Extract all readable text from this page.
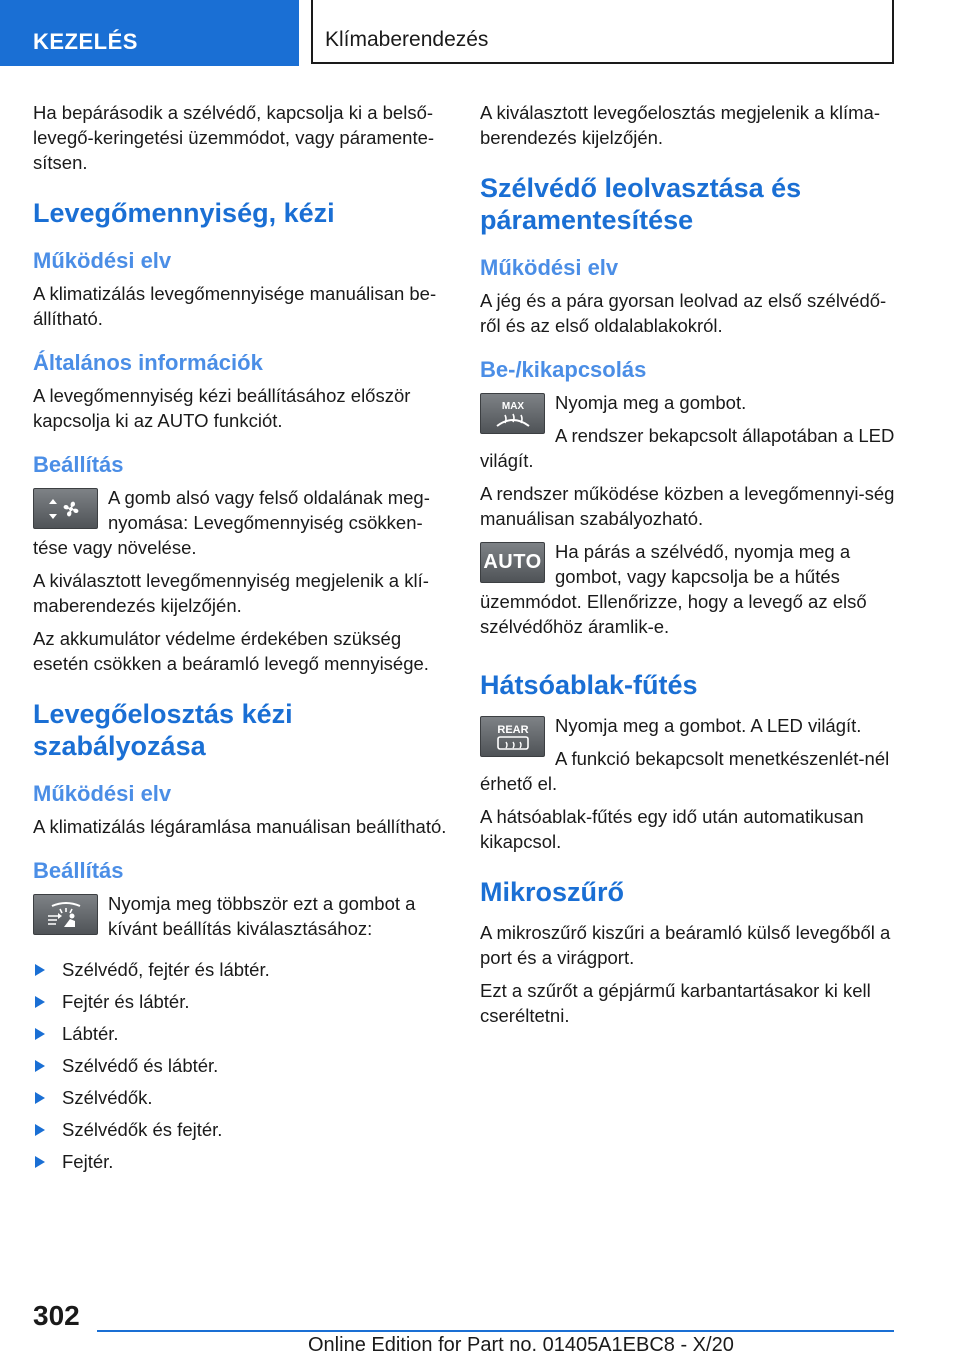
KEZELÉS	Klímaberendezés

Ha bepárásodik a szélvédő, kapcsolja ki a belső-levegő-keringetési üzemmódot, vagy páramente-sítsen.

Levegőmennyiség, kézi
Működési elv

A klimatizálás levegőmennyisége manuálisan be-állítható.

Általános információk

A levegőmennyiség kézi beállításához először kapcsolja ki az AUTO funkciót.

Beállítás

A gomb alsó vagy felső oldalának meg-nyomása: Levegőmennyiség csökken-tése vagy növelése.

A kiválasztott levegőmennyiség megjelenik a klí-maberendezés kijelzőjén.

Az akkumulátor védelme érdekében szükség esetén csökken a beáramló levegő mennyisége.

Levegőelosztás kézi szabályozása
Működési elv

A klimatizálás légáramlása manuálisan beállítható.

Beállítás

Nyomja meg többször ezt a gombot a kívánt beállítás kiválasztásához:

Szélvédő, fejtér és lábtér.
Fejtér és lábtér.
Lábtér.
Szélvédő és lábtér.
Szélvédők.
Szélvédők és fejtér.
Fejtér.

A kiválasztott levegőelosztás megjelenik a klíma-berendezés kijelzőjén.

Szélvédő leolvasztása és páramentesítése
Működési elv

A jég és a pára gyorsan leolvad az első szélvédő-ről és az első oldalablakokról.

Be-/kikapcsolás
MAX	Nyomja meg a gombot.

A rendszer bekapcsolt állapotában a LED világít.

A rendszer működése közben a levegőmennyi-ség manuálisan szabályozható.

AUTO Ha párás a szélvédő, nyomja meg a gombot, vagy kapcsolja be a hűtés üzemmódot. Ellenőrizze, hogy a levegő az első szélvédőhöz áramlik-e.

Hátsóablak-fűtés
REAR	Nyomja meg a gombot. A LED világít.

A funkció bekapcsolt menetkészenlét-nél érhető el.

A hátsóablak-fűtés egy idő után automatikusan kikapcsol.

Mikroszűrő

A mikroszűrő kiszűri a beáramló külső levegőből a port és a virágport.

Ezt a szűrőt a gépjármű karbantartásakor ki kell cseréltetni.

302
Online Edition for Part no. 01405A1EBC8 - X/20
